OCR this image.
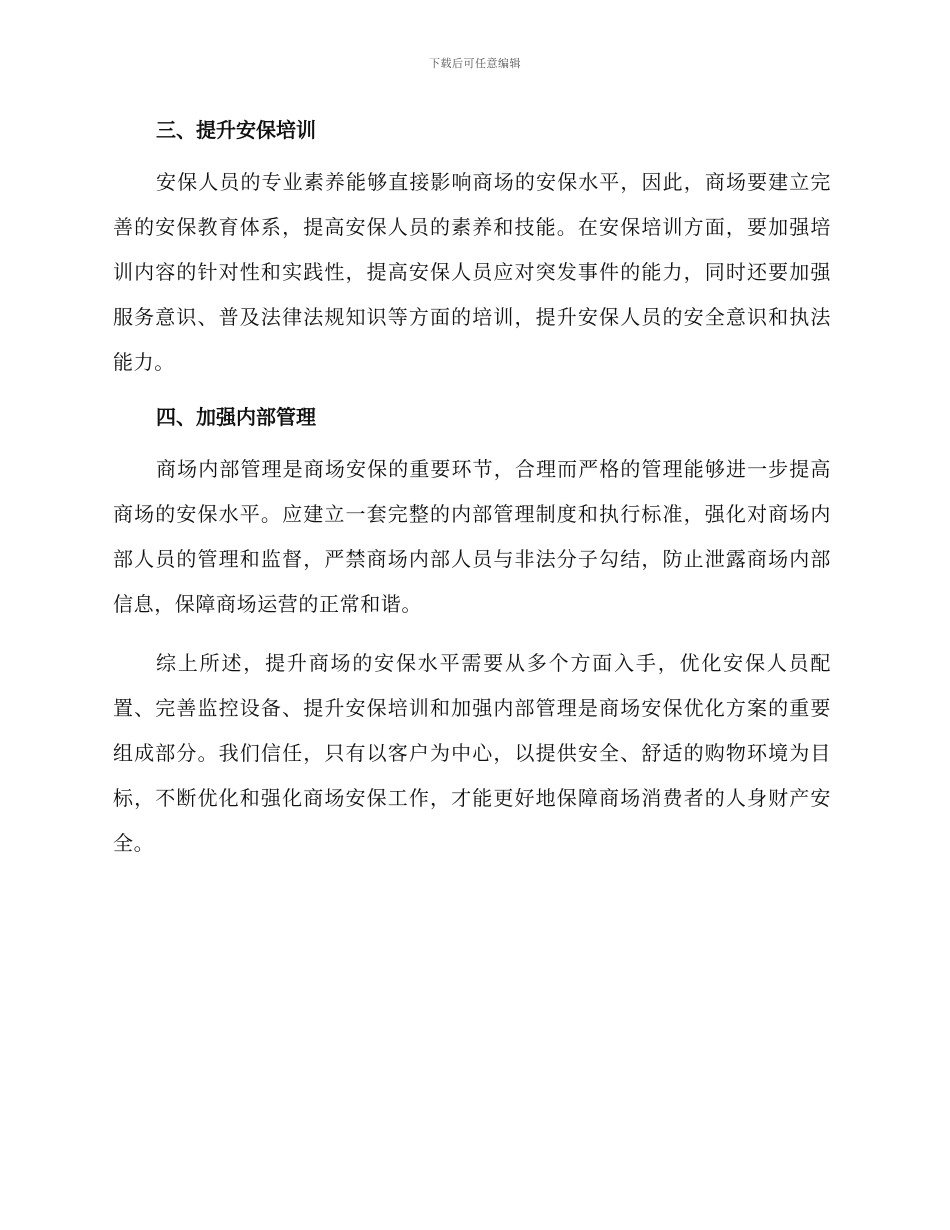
下载后可任意编辑
三、提升安保培训

安保人员的专业素养能够直接影响商场的安保水平，因此，商场要建立完善的安保教育体系，提高安保人员的素养和技能。在安保培训方面，要加强培训内容的针对性和实践性，提高安保人员应对突发事件的能力，同时还要加强服务意识、普及法律法规知识等方面的培训，提升安保人员的安全意识和执法能力。

四、加强内部管理

商场内部管理是商场安保的重要环节，合理而严格的管理能够进一步提高商场的安保水平。应建立一套完整的内部管理制度和执行标准，强化对商场内部人员的管理和监督，严禁商场内部人员与非法分子勾结，防止泄露商场内部信息，保障商场运营的正常和谐。

综上所述，提升商场的安保水平需要从多个方面入手，优化安保人员配置、完善监控设备、提升安保培训和加强内部管理是商场安保优化方案的重要组成部分。我们信任，只有以客户为中心，以提供安全、舒适的购物环境为目标，不断优化和强化商场安保工作，才能更好地保障商场消费者的人身财产安全。
